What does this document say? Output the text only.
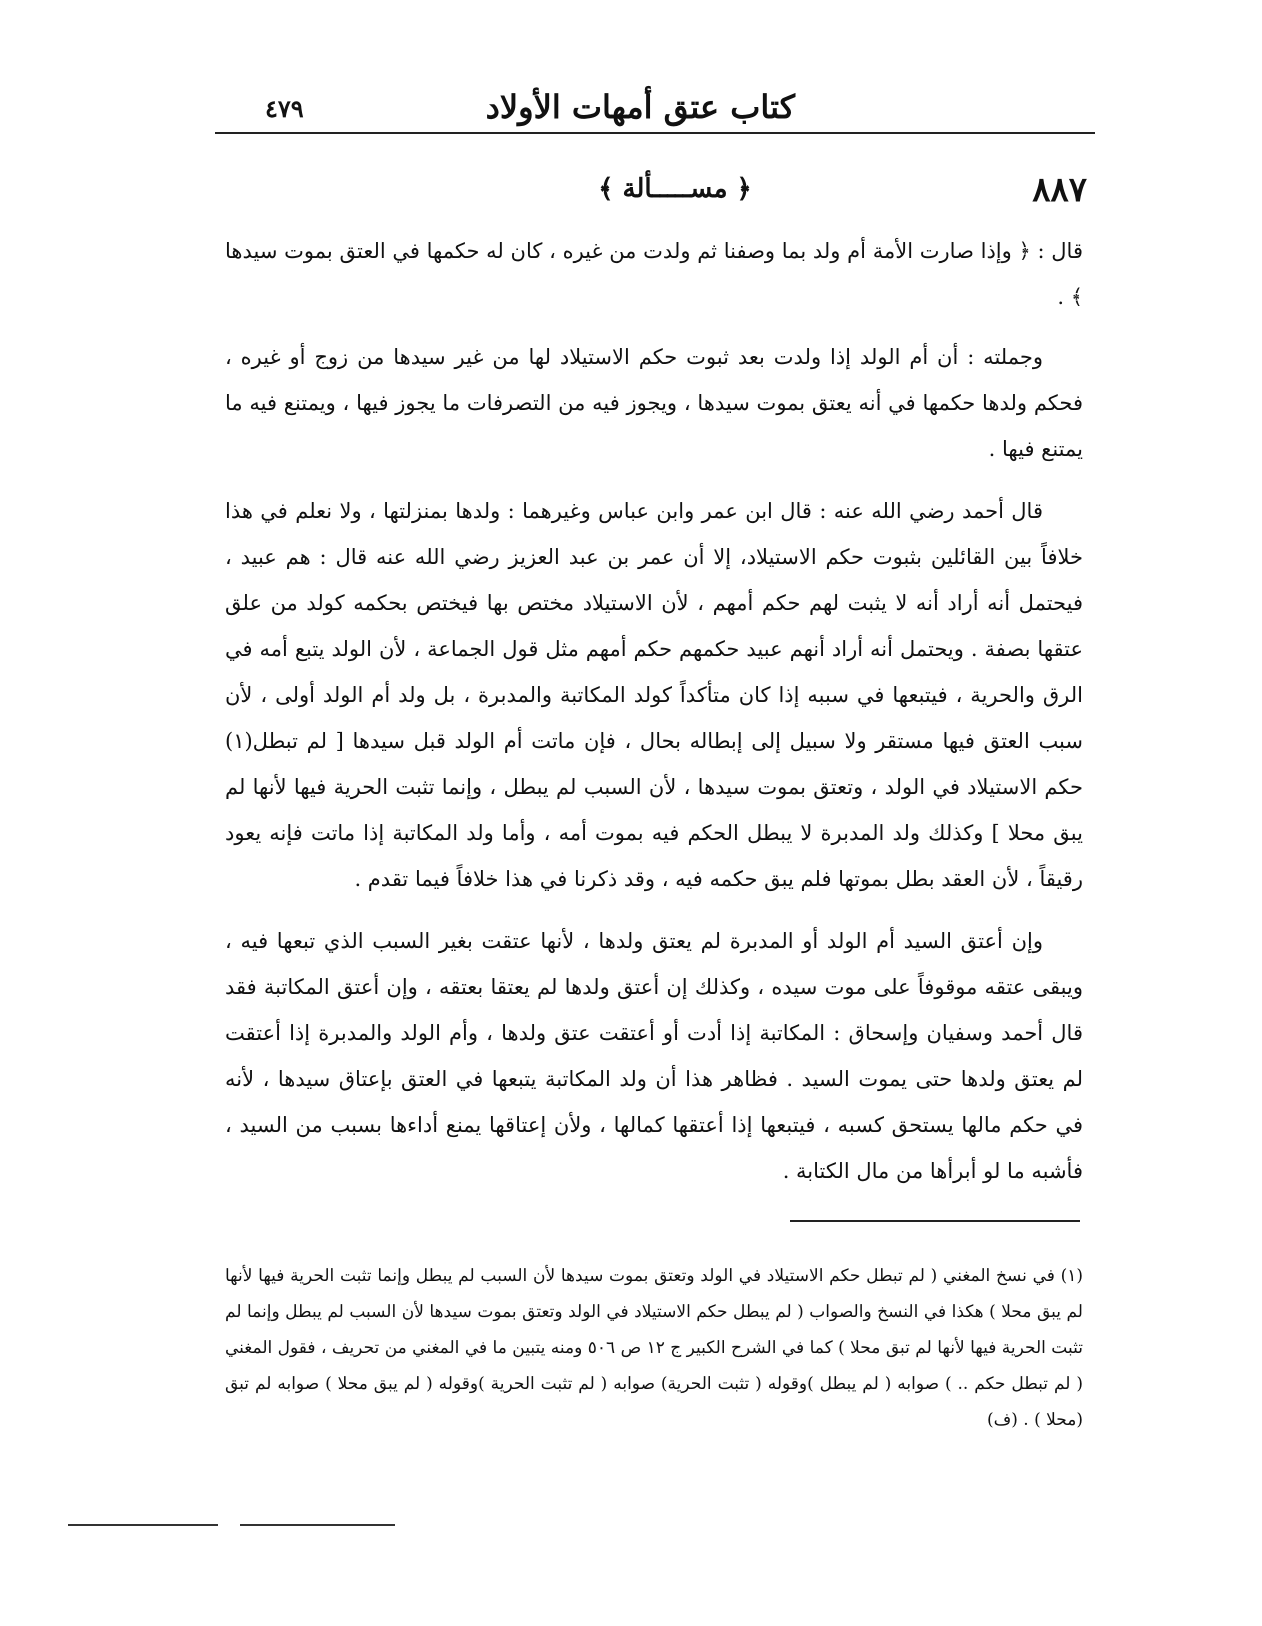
كتاب عتق أمهات الأولاد
٤٧٩
٨٨٧
﴿ مســـــألة ﴾

قال : ﴿ وإذا صارت الأمة أم ولد بما وصفنا ثم ولدت من غيره ، كان له حكمها في العتق بموت سيدها ﴾ .

وجملته : أن أم الولد إذا ولدت بعد ثبوت حكم الاستيلاد لها من غير سيدها من زوج أو غيره ، فحكم ولدها حكمها في أنه يعتق بموت سيدها ، ويجوز فيه من التصرفات ما يجوز فيها ، ويمتنع فيه ما يمتنع فيها .

قال أحمد رضي الله عنه : قال ابن عمر وابن عباس وغيرهما : ولدها بمنزلتها ، ولا نعلم في هذا خلافاً بين القائلين بثبوت حكم الاستيلاد، إلا أن عمر بن عبد العزيز رضي الله عنه قال : هم عبيد ، فيحتمل أنه أراد أنه لا يثبت لهم حكم أمهم ، لأن الاستيلاد مختص بها فيختص بحكمه كولد من علق عتقها بصفة . ويحتمل أنه أراد أنهم عبيد حكمهم حكم أمهم مثل قول الجماعة ، لأن الولد يتبع أمه في الرق والحرية ، فيتبعها في سببه إذا كان متأكداً كولد المكاتبة والمدبرة ، بل ولد أم الولد أولى ، لأن سبب العتق فيها مستقر ولا سبيل إلى إبطاله بحال ، فإن ماتت أم الولد قبل سيدها [ لم تبطل(١) حكم الاستيلاد في الولد ، وتعتق بموت سيدها ، لأن السبب لم يبطل ، وإنما تثبت الحرية فيها لأنها لم يبق محلا ] وكذلك ولد المدبرة لا يبطل الحكم فيه بموت أمه ، وأما ولد المكاتبة إذا ماتت فإنه يعود رقيقاً ، لأن العقد بطل بموتها فلم يبق حكمه فيه ، وقد ذكرنا في هذا خلافاً فيما تقدم .

وإن أعتق السيد أم الولد أو المدبرة لم يعتق ولدها ، لأنها عتقت بغير السبب الذي تبعها فيه ، ويبقى عتقه موقوفاً على موت سيده ، وكذلك إن أعتق ولدها لم يعتقا بعتقه ، وإن أعتق المكاتبة فقد قال أحمد وسفيان وإسحاق : المكاتبة إذا أدت أو أعتقت عتق ولدها ، وأم الولد والمدبرة إذا أعتقت لم يعتق ولدها حتى يموت السيد . فظاهر هذا أن ولد المكاتبة يتبعها في العتق بإعتاق سيدها ، لأنه في حكم مالها يستحق كسبه ، فيتبعها إذا أعتقها كمالها ، ولأن إعتاقها يمنع أداءها بسبب من السيد ، فأشبه ما لو أبرأها من مال الكتابة .

(١) في نسخ المغني ( لم تبطل حكم الاستيلاد في الولد وتعتق بموت سيدها لأن السبب لم يبطل وإنما تثبت الحرية فيها لأنها لم يبق محلا ) هكذا في النسخ والصواب ( لم يبطل حكم الاستيلاد في الولد وتعتق بموت سيدها لأن السبب لم يبطل وإنما لم تثبت الحرية فيها لأنها لم تبق محلا ) كما في الشرح الكبير ج ١٢ ص ٥٠٦ ومنه يتبين ما في المغني من تحريف ، فقول المغني ( لم تبطل حكم .. ) صوابه ( لم يبطل )وقوله ( تثبت الحرية) صوابه ( لم تثبت الحرية )وقوله ( لم يبق محلا ) صوابه لم تبق (محلا ) . (ف)
